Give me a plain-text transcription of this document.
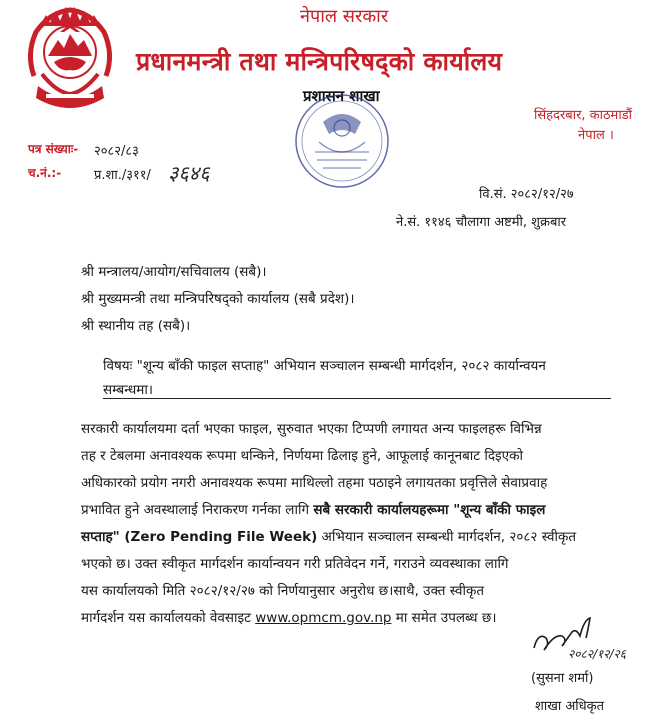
नेपाल सरकार
प्रधानमन्त्री तथा मन्त्रिपरिषद्को कार्यालय
प्रशासन शाखा
सिंहदरबार, काठमाडौं
नेपाल ।
पत्र संख्याः- २०८२/८३
च.नं.:-	प्र.शा./३११/ ३६४६
वि.सं. २०८२/१२/२७
ने.सं. ११४६ चौलागा अष्टमी, शुक्रबार
श्री मन्त्रालय/आयोग/सचिवालय (सबै)।
श्री मुख्यमन्त्री तथा मन्त्रिपरिषद्को कार्यालय (सबै प्रदेश)।
श्री स्थानीय तह (सबै)।
विषयः "शून्य बाँकी फाइल सप्ताह" अभियान सञ्चालन सम्बन्धी मार्गदर्शन, २०८२ कार्यान्वयन
सम्बन्धमा।
सरकारी कार्यालयमा दर्ता भएका फाइल, सुरुवात भएका टिप्पणी लगायत अन्य फाइलहरू विभिन्न
तह र टेबलमा अनावश्यक रूपमा थन्किने, निर्णयमा ढिलाइ हुने, आफूलाई कानूनबाट दिइएको
अधिकारको प्रयोग नगरी अनावश्यक रूपमा माथिल्लो तहमा पठाइने लगायतका प्रवृत्तिले सेवाप्रवाह
प्रभावित हुने अवस्थालाई निराकरण गर्नका लागि सबै सरकारी कार्यालयहरूमा "शून्य बाँकी फाइल
सप्ताह" (Zero Pending File Week) अभियान सञ्चालन सम्बन्धी मार्गदर्शन, २०८२ स्वीकृत
भएको छ। उक्त स्वीकृत मार्गदर्शन कार्यान्वयन गरी प्रतिवेदन गर्ने, गराउने व्यवस्थाका लागि
यस कार्यालयको मिति २०८२/१२/२७ को निर्णयानुसार अनुरोध छ।साथै, उक्त स्वीकृत
मार्गदर्शन यस कार्यालयको वेवसाइट www.opmcm.gov.np मा समेत उपलब्ध छ।
२०८२/१२/२६
(सुसना शर्मा)
शाखा अधिकृत
